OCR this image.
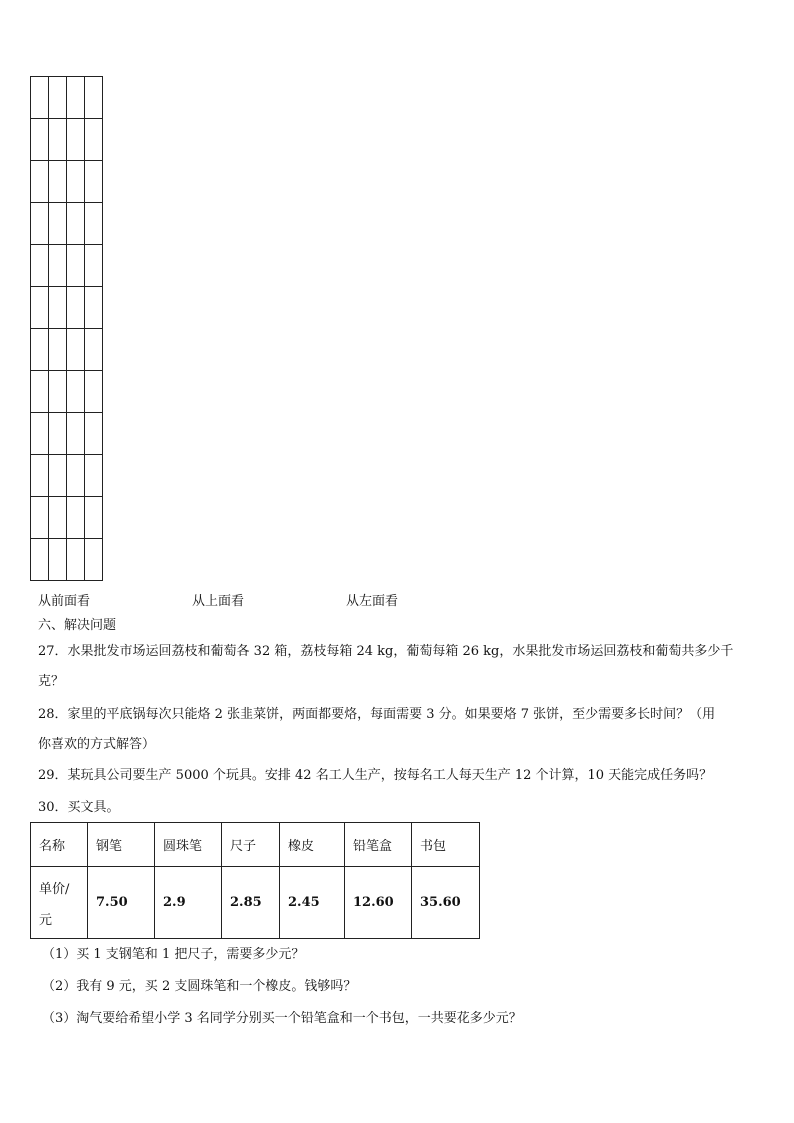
从前面看	从上面看	从左面看
六、解决问题
27．水果批发市场运回荔枝和葡萄各 32 箱，荔枝每箱 24 kg，葡萄每箱 26 kg，水果批发市场运回荔枝和葡萄共多少千
克？
28．家里的平底锅每次只能烙 2 张韭菜饼，两面都要烙，每面需要 3 分。如果要烙 7 张饼，至少需要多长时间？（用
你喜欢的方式解答）
29．某玩具公司要生产 5000 个玩具。安排 42 名工人生产，按每名工人每天生产 12 个计算，10 天能完成任务吗？
30．买文具。
名称	钢笔	圆珠笔	尺子	橡皮	铅笔盒	书包

单价/
元	7.50	2.9	2.85	2.45	12.60	35.60
（1）买 1 支钢笔和 1 把尺子，需要多少元？
（2）我有 9 元，买 2 支圆珠笔和一个橡皮。钱够吗？
（3）淘气要给希望小学 3 名同学分别买一个铅笔盒和一个书包，一共要花多少元？
